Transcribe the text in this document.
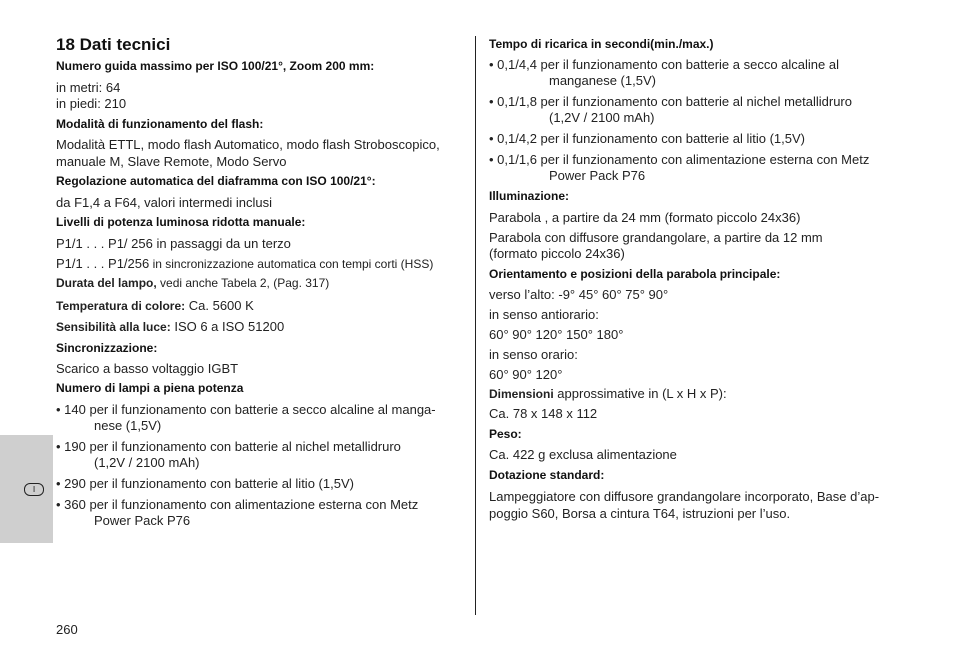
I
18 Dati tecnici
Numero guida massimo per ISO 100/21°, Zoom 200 mm:
in metri: 64
in piedi: 210
Modalità di funzionamento del flash:
Modalità ETTL, modo flash Automatico, modo flash Stroboscopico,
manuale M, Slave Remote, Modo Servo
Regolazione automatica del diaframma con ISO 100/21°:
da F1,4 a F64, valori intermedi inclusi
Livelli di potenza luminosa ridotta manuale:
P1/1 . . . P1/ 256 in passaggi da un terzo
P1/1 . . . P1/256 in sincronizzazione automatica con tempi corti (HSS)
Durata del lampo, vedi anche Tabela 2, (Pag. 317)
Temperatura di colore: Ca. 5600 K
Sensibilità alla luce: ISO 6 a ISO 51200
Sincronizzazione:
Scarico a basso voltaggio IGBT
Numero di lampi a piena potenza
• 140 per il funzionamento con batterie a secco alcaline al manga-
nese (1,5V)
• 190 per il funzionamento con batterie al nichel metallidruro
(1,2V / 2100 mAh)
• 290 per il funzionamento con batterie al litio (1,5V)
• 360 per il funzionamento con alimentazione esterna con Metz
Power Pack P76
Tempo di ricarica in secondi(min./max.)
• 0,1/4,4 per il funzionamento con batterie a secco alcaline al
manganese (1,5V)
• 0,1/1,8 per il funzionamento con batterie al nichel metallidruro
(1,2V / 2100 mAh)
• 0,1/4,2 per il funzionamento con batterie al litio (1,5V)
• 0,1/1,6 per il funzionamento con alimentazione esterna con Metz
Power Pack P76
Illuminazione:
Parabola , a partire da 24 mm (formato piccolo 24x36)
Parabola con diffusore grandangolare, a partire da 12 mm
(formato piccolo 24x36)
Orientamento e posizioni della parabola principale:
verso l’alto: -9° 45° 60° 75° 90°
in senso antiorario:
60° 90° 120° 150° 180°
in senso orario:
60° 90° 120°
Dimensioni approssimative in (L x H x P):
Ca. 78 x 148 x 112
Peso:
Ca. 422 g exclusa alimentazione
Dotazione standard:
Lampeggiatore con diffusore grandangolare incorporato, Base d’ap-
poggio S60, Borsa a cintura T64, istruzioni per l’uso.
260
